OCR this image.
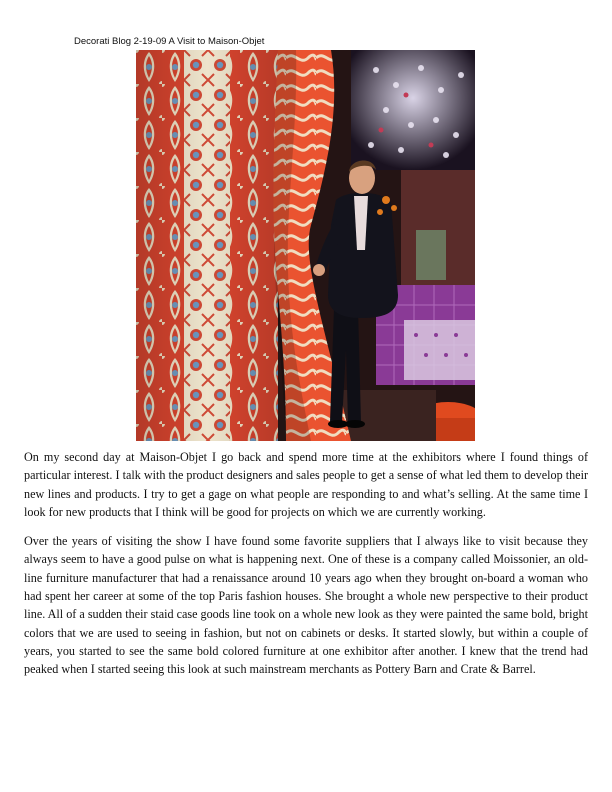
Decorati Blog 2-19-09 A Visit to Maison-Objet

On my second day at Maison-Objet I go back and spend more time at the exhibitors where I found things of particular interest. I talk with the product designers and sales people to get a sense of what led them to develop their new lines and products. I try to get a gage on what people are responding to and what’s selling. At the same time I look for new products that I think will be good for projects on which we are currently working.

Over the years of visiting the show I have found some favorite suppliers that I always like to visit because they always seem to have a good pulse on what is happening next. One of these is a company called Moissonier, an old-line furniture manufacturer that had a renaissance around 10 years ago when they brought on-board a woman who had spent her career at some of the top Paris fashion houses. She brought a whole new perspective to their product line. All of a sudden their staid case goods line took on a whole new look as they were painted the same bold, bright colors that we are used to seeing in fashion, but not on cabinets or desks. It started slowly, but within a couple of years, you started to see the same bold colored furniture at one exhibitor after another. I knew that the trend had peaked when I started seeing this look at such mainstream merchants as Pottery Barn and Crate & Barrel.
